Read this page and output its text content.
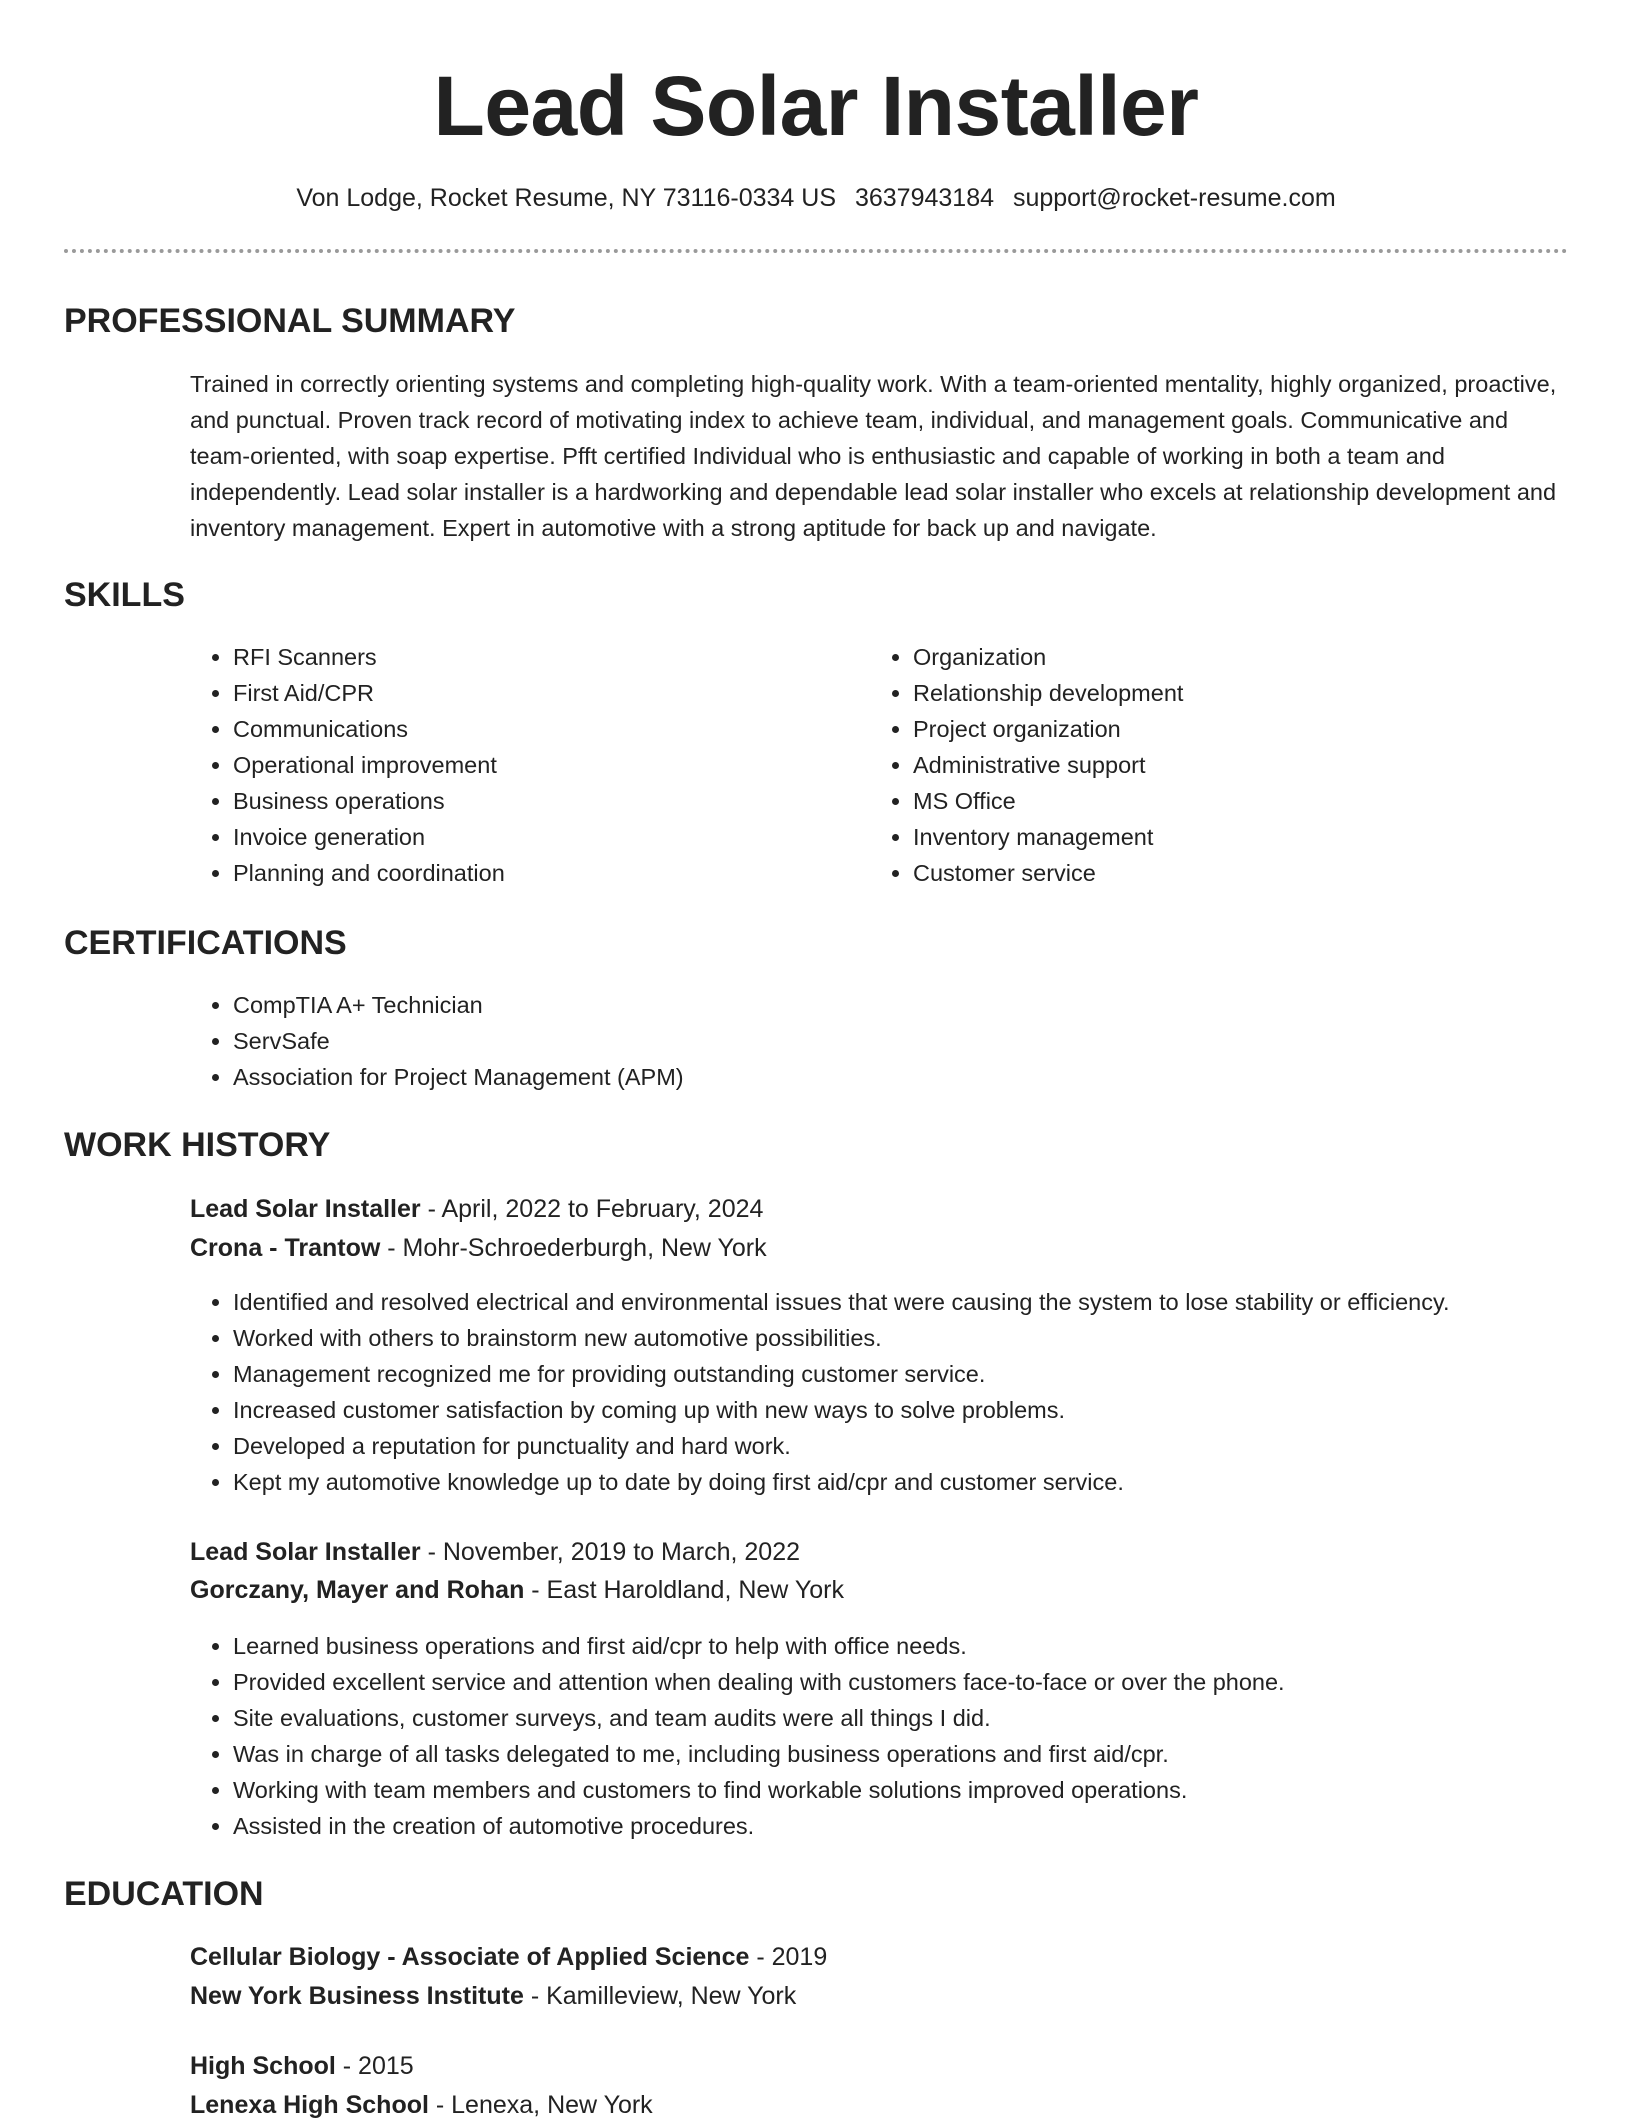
Lead Solar Installer
Von Lodge, Rocket Resume, NY 73116-0334 US 3637943184 support@rocket-resume.com
PROFESSIONAL SUMMARY

Trained in correctly orienting systems and completing high-quality work. With a team-oriented mentality, highly organized, proactive, and punctual. Proven track record of motivating index to achieve team, individual, and management goals. Communicative and team-oriented, with soap expertise. Pfft certified Individual who is enthusiastic and capable of working in both a team and independently. Lead solar installer is a hardworking and dependable lead solar installer who excels at relationship development and inventory management. Expert in automotive with a strong aptitude for back up and navigate.

SKILLS
• RFI Scanners
• First Aid/CPR
• Communications
• Operational improvement
• Business operations
• Invoice generation
• Planning and coordination
• Organization
• Relationship development
• Project organization
• Administrative support
• MS Office
• Inventory management
• Customer service
CERTIFICATIONS
• CompTIA A+ Technician
• ServSafe
• Association for Project Management (APM)
WORK HISTORY
Lead Solar Installer - April, 2022 to February, 2024
Crona - Trantow - Mohr-Schroederburgh, New York
• Identified and resolved electrical and environmental issues that were causing the system to lose stability or efficiency.
• Worked with others to brainstorm new automotive possibilities.
• Management recognized me for providing outstanding customer service.
• Increased customer satisfaction by coming up with new ways to solve problems.
• Developed a reputation for punctuality and hard work.
• Kept my automotive knowledge up to date by doing first aid/cpr and customer service.
Lead Solar Installer - November, 2019 to March, 2022
Gorczany, Mayer and Rohan - East Haroldland, New York
• Learned business operations and first aid/cpr to help with office needs.
• Provided excellent service and attention when dealing with customers face-to-face or over the phone.
• Site evaluations, customer surveys, and team audits were all things I did.
• Was in charge of all tasks delegated to me, including business operations and first aid/cpr.
• Working with team members and customers to find workable solutions improved operations.
• Assisted in the creation of automotive procedures.
EDUCATION
Cellular Biology - Associate of Applied Science - 2019
New York Business Institute - Kamilleview, New York
High School - 2015
Lenexa High School - Lenexa, New York
